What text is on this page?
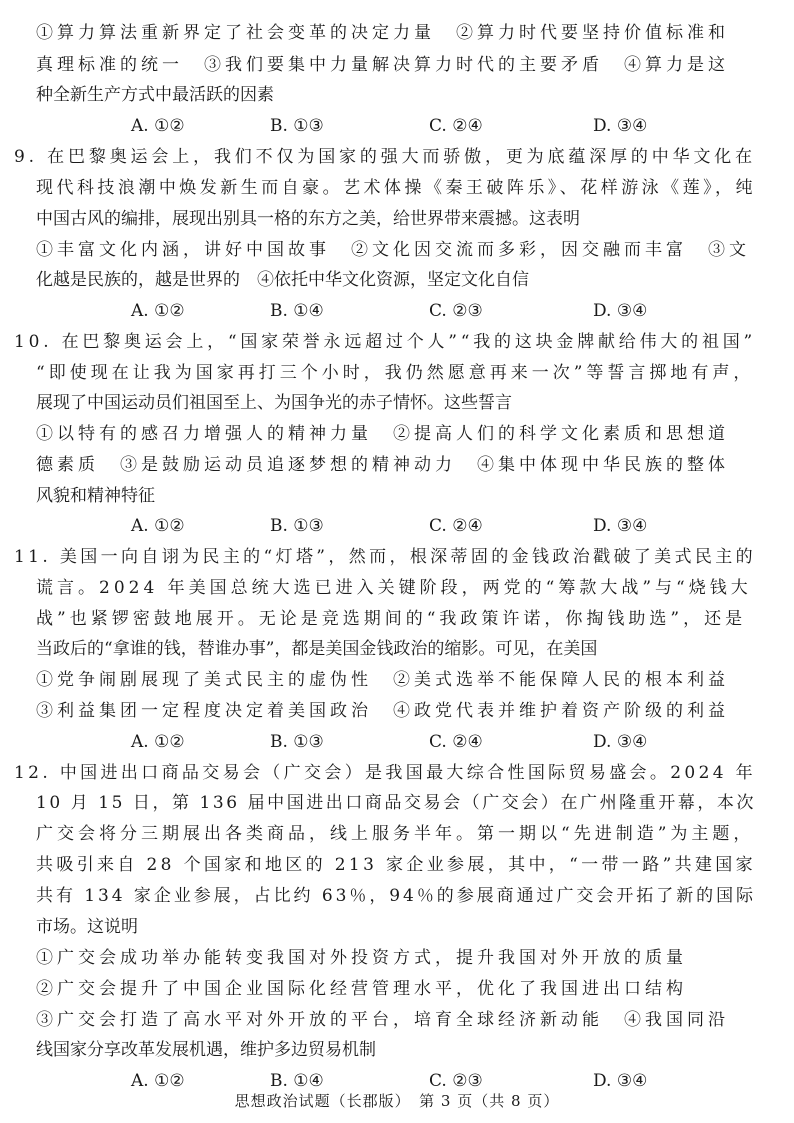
①算力算法重新界定了社会变革的决定力量　②算力时代要坚持价值标准和
真理标准的统一　③我们要集中力量解决算力时代的主要矛盾　④算力是这
种全新生产方式中最活跃的因素
A. ①②	B. ①③	C. ②④	D. ③④
9. 在巴黎奥运会上，我们不仅为国家的强大而骄傲，更为底蕴深厚的中华文化在
现代科技浪潮中焕发新生而自豪。艺术体操《秦王破阵乐》、花样游泳《莲》，纯
中国古风的编排，展现出别具一格的东方之美，给世界带来震撼。这表明
①丰富文化内涵，讲好中国故事　②文化因交流而多彩，因交融而丰富　③文
化越是民族的，越是世界的　④依托中华文化资源，坚定文化自信
A. ①②	B. ①④	C. ②③	D. ③④
10. 在巴黎奥运会上，“国家荣誉永远超过个人”“我的这块金牌献给伟大的祖国”
“即使现在让我为国家再打三个小时，我仍然愿意再来一次”等誓言掷地有声，
展现了中国运动员们祖国至上、为国争光的赤子情怀。这些誓言
①以特有的感召力增强人的精神力量　②提高人们的科学文化素质和思想道
德素质　③是鼓励运动员追逐梦想的精神动力　④集中体现中华民族的整体
风貌和精神特征
A. ①②	B. ①③	C. ②④	D. ③④
11. 美国一向自诩为民主的“灯塔”，然而，根深蒂固的金钱政治戳破了美式民主的
谎言。2024 年美国总统大选已进入关键阶段，两党的“筹款大战”与“烧钱大
战”也紧锣密鼓地展开。无论是竞选期间的“我政策许诺，你掏钱助选”，还是
当政后的“拿谁的钱，替谁办事”，都是美国金钱政治的缩影。可见，在美国
①党争闹剧展现了美式民主的虚伪性　②美式选举不能保障人民的根本利益
③利益集团一定程度决定着美国政治　④政党代表并维护着资产阶级的利益
A. ①②	B. ①③	C. ②④	D. ③④
12. 中国进出口商品交易会（广交会）是我国最大综合性国际贸易盛会。2024 年
10 月 15 日，第 136 届中国进出口商品交易会（广交会）在广州隆重开幕，本次
广交会将分三期展出各类商品，线上服务半年。第一期以“先进制造”为主题，
共吸引来自 28 个国家和地区的 213 家企业参展，其中，“一带一路”共建国家
共有 134 家企业参展，占比约 63％，94％的参展商通过广交会开拓了新的国际
市场。这说明
①广交会成功举办能转变我国对外投资方式，提升我国对外开放的质量
②广交会提升了中国企业国际化经营管理水平，优化了我国进出口结构
③广交会打造了高水平对外开放的平台，培育全球经济新动能　④我国同沿
线国家分享改革发展机遇，维护多边贸易机制
A. ①②	B. ①④	C. ②③	D. ③④
思想政治试题（长郡版）　第 3 页（共 8 页）
